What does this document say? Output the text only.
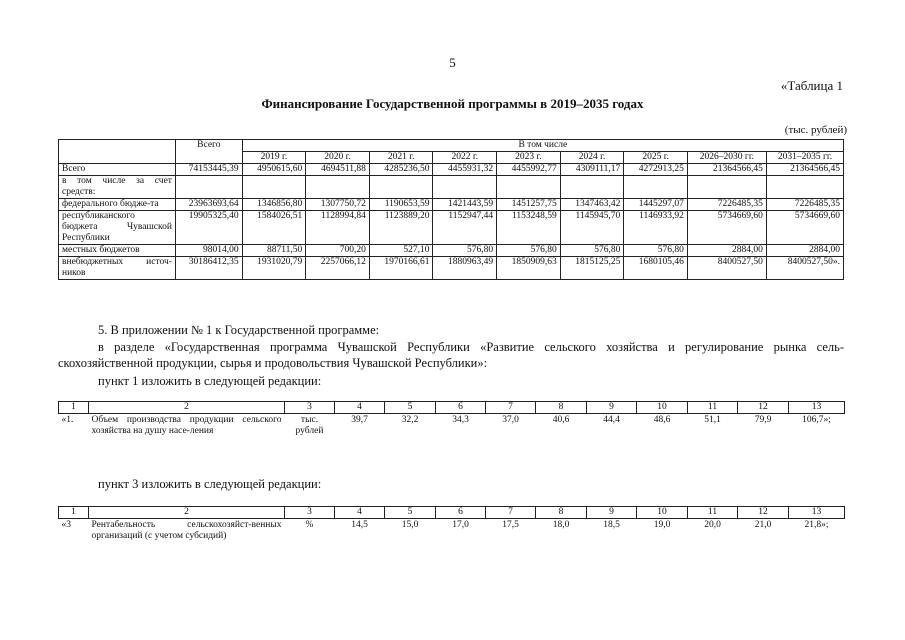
5
«Таблица 1
Финансирование Государственной программы в 2019–2035 годах
(тыс. рублей)
	Всего	В том числе								
		2019 г.	2020 г.	2021 г.	2022 г.	2023 г.	2024 г.	2025 г.	2026–2030 гг.	2031–2035 гг.
Всего	74153445,39	4950615,60	4694511,88	4285236,50	4455931,32	4455992,77	4309111,17	4272913,25	21364566,45	21364566,45
в том числе за счет средств:										
федерального бюдже-та	23963693,64	1346856,80	1307750,72	1190653,59	1421443,59	1451257,75	1347463,42	1445297,07	7226485,35	7226485,35
республиканского бюджета Чувашской Республики	19905325,40	1584026,51	1128994,84	1123889,20	1152947,44	1153248,59	1145945,70	1146933,92	5734669,60	5734669,60
местных бюджетов	98014,00	88711,50	700,20	527,10	576,80	576,80	576,80	576,80	2884,00	2884,00
внебюджетных источ-ников	30186412,35	1931020,79	2257066,12	1970166,61	1880963,49	1850909,63	1815125,25	1680105,46	8400527,50	8400527,50».
5. В приложении № 1 к Государственной программе:
в разделе «Государственная программа Чувашской Республики «Развитие сельского хозяйства и регулирование рынка сель-скохозяйственной продукции, сырья и продовольствия Чувашской Республики»:
пункт 1 изложить в следующей редакции:
1	2	3	4	5	6	7	8	9	10	11	12	13
«1.	Объем производства продукции сельского хозяйства на душу насе-ления	тыс. рублей	39,7	32,2	34,3	37,0	40,6	44,4	48,6	51,1	79,9	106,7»;
пункт 3 изложить в следующей редакции:
1	2	3	4	5	6	7	8	9	10	11	12	13
«3	Рентабельность сельскохозяйст-венных организаций (с учетом субсидий)	%	14,5	15,0	17,0	17,5	18,0	18,5	19,0	20,0	21,0	21,8»;
